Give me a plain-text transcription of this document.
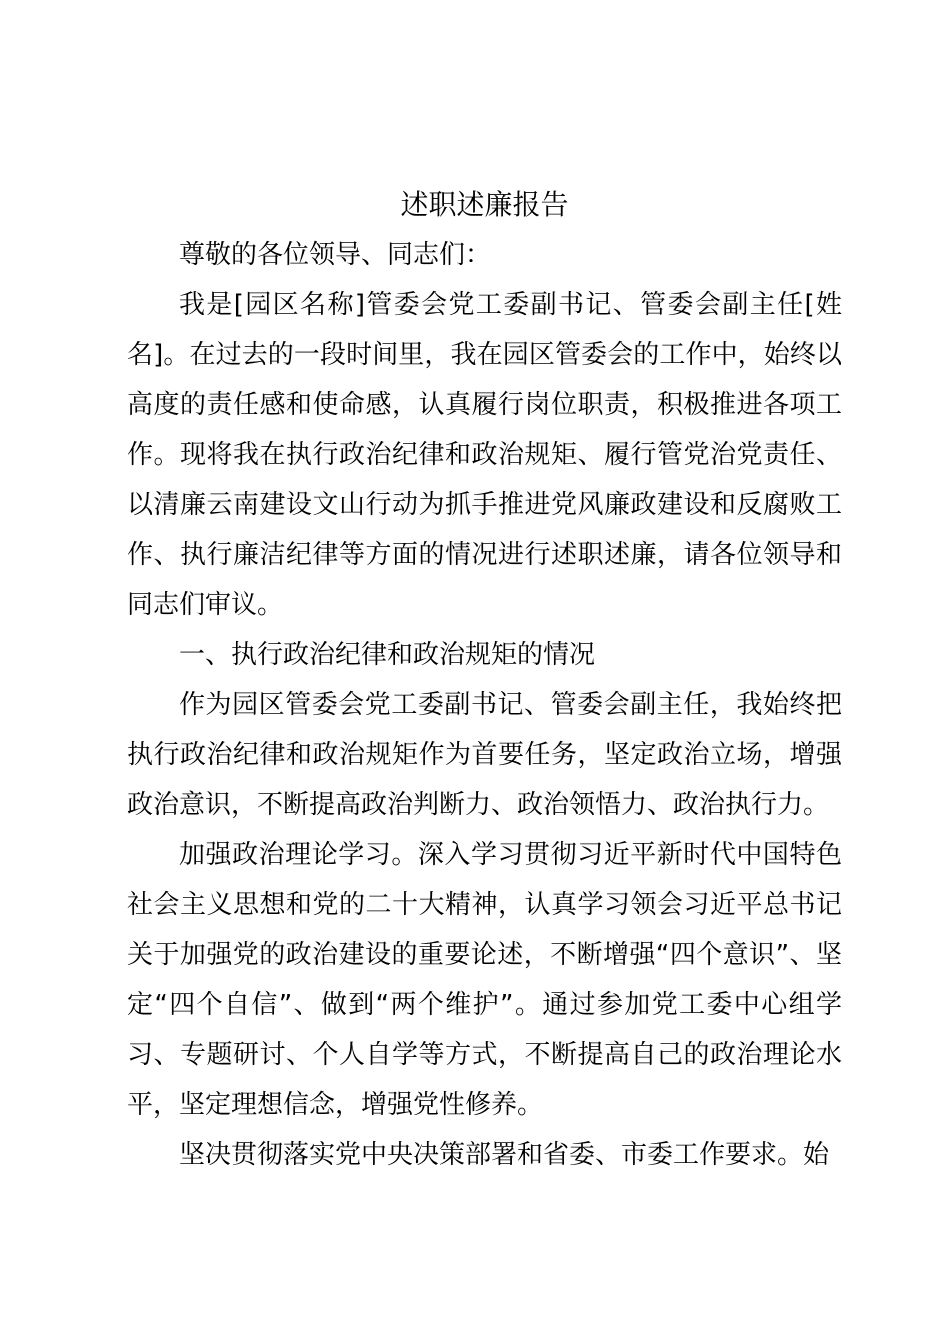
述职述廉报告

尊敬的各位领导、同志们：

我是[园区名称]管委会党工委副书记、管委会副主任[姓名]。在过去的一段时间里，我在园区管委会的工作中，始终以高度的责任感和使命感，认真履行岗位职责，积极推进各项工作。现将我在执行政治纪律和政治规矩、履行管党治党责任、以清廉云南建设文山行动为抓手推进党风廉政建设和反腐败工作、执行廉洁纪律等方面的情况进行述职述廉，请各位领导和同志们审议。

一、执行政治纪律和政治规矩的情况

作为园区管委会党工委副书记、管委会副主任，我始终把执行政治纪律和政治规矩作为首要任务，坚定政治立场，增强政治意识，不断提高政治判断力、政治领悟力、政治执行力。

加强政治理论学习。深入学习贯彻习近平新时代中国特色社会主义思想和党的二十大精神，认真学习领会习近平总书记关于加强党的政治建设的重要论述，不断增强“四个意识”、坚定“四个自信”、做到“两个维护”。通过参加党工委中心组学习、专题研讨、个人自学等方式，不断提高自己的政治理论水平，坚定理想信念，增强党性修养。

坚决贯彻落实党中央决策部署和省委、市委工作要求。始
